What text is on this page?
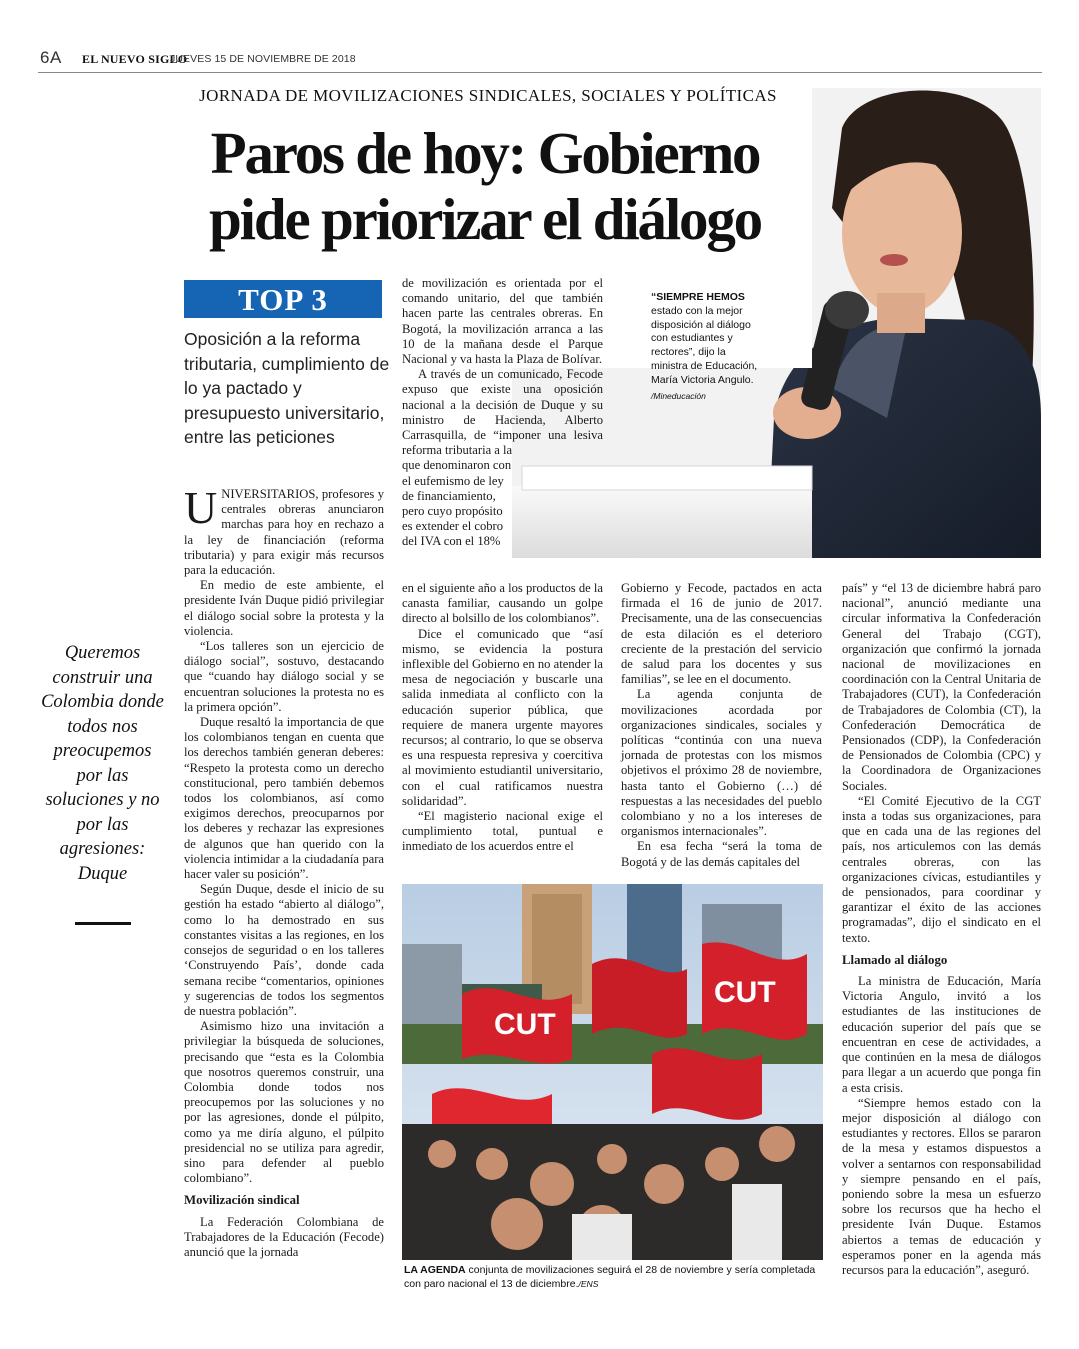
6A EL NUEVO SIGLO
JUEVES 15 DE NOVIEMBRE DE 2018
“SIEMPRE HEMOS estado con la mejor disposición al diálogo con estudiantes y rectores”, dijo la ministra de Educación, María Victoria Angulo.
/Mineducación
JORNADA DE MOVILIZACIONES SINDICALES, SOCIALES Y POLÍTICAS
Paros de hoy: Gobierno
pide priorizar el diálogo
TOP 3
Oposición a la reforma tributaria, cumplimiento de lo ya pactado y presupuesto universitario, entre las peticiones
Queremos construir una Colombia donde todos nos preocupemos por las soluciones y no por las agresiones: Duque

UNIVERSITARIOS, profesores y centrales obreras anunciaron marchas para hoy en rechazo a la ley de financiación (reforma tributaria) y para exigir más recursos para la educación.

En medio de este ambiente, el presidente Iván Duque pidió privilegiar el diálogo social sobre la protesta y la violencia.

“Los talleres son un ejercicio de diálogo social”, sostuvo, destacando que “cuando hay diálogo social y se encuentran soluciones la protesta no es la primera opción”.

Duque resaltó la importancia de que los colombianos tengan en cuenta que los derechos también generan deberes: “Respeto la protesta como un derecho constitucional, pero también debemos todos los colombianos, así como exigimos derechos, preocuparnos por los deberes y rechazar las expresiones de algunos que han querido con la violencia intimidar a la ciudadanía para hacer valer su posición”.

Según Duque, desde el inicio de su gestión ha estado “abierto al diálogo”, como lo ha demostrado en sus constantes visitas a las regiones, en los consejos de seguridad o en los talleres ‘Construyendo País’, donde cada semana recibe “comentarios, opiniones y sugerencias de todos los segmentos de nuestra población”.

Asimismo hizo una invitación a privilegiar la búsqueda de soluciones, precisando que “esta es la Colombia que nosotros queremos construir, una Colombia donde todos nos preocupemos por las soluciones y no por las agresiones, donde el púlpito, como ya me diría alguno, el púlpito presidencial no se utiliza para agredir, sino para defender al pueblo colombiano”.

Movilización sindical

La Federación Colombiana de Trabajadores de la Educación (Fecode) anunció que la jornada

de movilización es orientada por el comando unitario, del que también hacen parte las centrales obreras. En Bogotá, la movilización arranca a las 10 de la mañana desde el Parque Nacional y va hasta la Plaza de Bolívar.

A través de un comunicado, Fecode expuso que existe una oposición nacional a la decisión de Duque y su ministro de Hacienda, Alberto Carrasquilla, de “imponer una lesiva reforma tributaria a la

que denominaron con el eufemismo de ley de financiamiento, pero cuyo propósito es extender el cobro del IVA con el 18%

en el siguiente año a los productos de la canasta familiar, causando un golpe directo al bolsillo de los colombianos”.

Dice el comunicado que “así mismo, se evidencia la postura inflexible del Gobierno en no atender la mesa de negociación y buscarle una salida inmediata al conflicto con la educación superior pública, que requiere de manera urgente mayores recursos; al contrario, lo que se observa es una respuesta represiva y coercitiva al movimiento estudiantil universitario, con el cual ratificamos nuestra solidaridad”.

“El magisterio nacional exige el cumplimiento total, puntual e inmediato de los acuerdos entre el

Gobierno y Fecode, pactados en acta firmada el 16 de junio de 2017. Precisamente, una de las consecuencias de esta dilación es el deterioro creciente de la prestación del servicio de salud para los docentes y sus familias”, se lee en el documento.

La agenda conjunta de movilizaciones acordada por organizaciones sindicales, sociales y políticas “continúa con una nueva jornada de protestas con los mismos objetivos el próximo 28 de noviembre, hasta tanto el Gobierno (…) dé respuestas a las necesidades del pueblo colombiano y no a los intereses de organismos internacionales”.

En esa fecha “será la toma de Bogotá y de las demás capitales del

país” y “el 13 de diciembre habrá paro nacional”, anunció mediante una circular informativa la Confederación General del Trabajo (CGT), organización que confirmó la jornada nacional de movilizaciones en coordinación con la Central Unitaria de Trabajadores (CUT), la Confederación de Trabajadores de Colombia (CT), la Confederación Democrática de Pensionados (CDP), la Confederación de Pensionados de Colombia (CPC) y la Coordinadora de Organizaciones Sociales.

“El Comité Ejecutivo de la CGT insta a todas sus organizaciones, para que en cada una de las regiones del país, nos articulemos con las demás centrales obreras, con las organizaciones cívicas, estudiantiles y de pensionados, para coordinar y garantizar el éxito de las acciones programadas”, dijo el sindicato en el texto.

Llamado al diálogo

La ministra de Educación, María Victoria Angulo, invitó a los estudiantes de las instituciones de educación superior del país que se encuentran en cese de actividades, a que continúen en la mesa de diálogos para llegar a un acuerdo que ponga fin a esta crisis.

“Siempre hemos estado con la mejor disposición al diálogo con estudiantes y rectores. Ellos se pararon de la mesa y estamos dispuestos a volver a sentarnos con responsabilidad y siempre pensando en el país, poniendo sobre la mesa un esfuerzo sobre los recursos que ha hecho el presidente Iván Duque. Estamos abiertos a temas de educación y esperamos poner en la agenda más recursos para la educación”, aseguró.

CUT
CUT
LA AGENDA conjunta de movilizaciones seguirá el 28 de noviembre y sería completada con paro nacional el 13 de diciembre./ENS
